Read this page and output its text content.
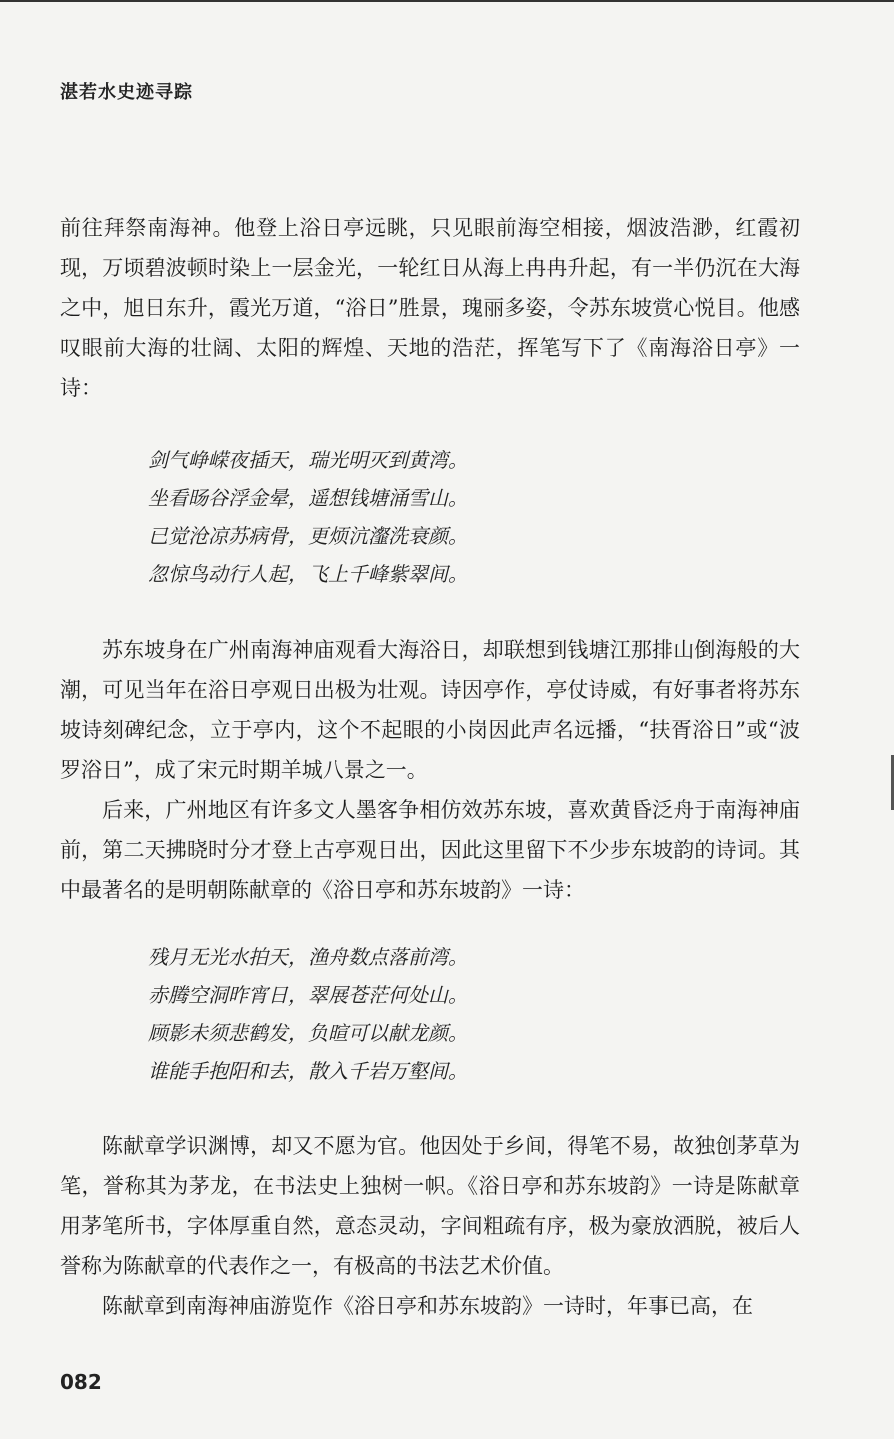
湛若水史迹寻踪

前往拜祭南海神。他登上浴日亭远眺，只见眼前海空相接，烟波浩渺，红霞初现，万顷碧波顿时染上一层金光，一轮红日从海上冉冉升起，有一半仍沉在大海之中，旭日东升，霞光万道，“浴日”胜景，瑰丽多姿，令苏东坡赏心悦目。他感叹眼前大海的壮阔、太阳的辉煌、天地的浩茫，挥笔写下了《南海浴日亭》一诗：

剑气峥嵘夜插天，瑞光明灭到黄湾。
坐看旸谷浮金晕，遥想钱塘涌雪山。
已觉沧凉苏病骨，更烦沆瀣洗衰颜。
忽惊鸟动行人起，飞上千峰紫翠间。

苏东坡身在广州南海神庙观看大海浴日，却联想到钱塘江那排山倒海般的大潮，可见当年在浴日亭观日出极为壮观。诗因亭作，亭仗诗威，有好事者将苏东坡诗刻碑纪念，立于亭内，这个不起眼的小岗因此声名远播，“扶胥浴日”或“波罗浴日”，成了宋元时期羊城八景之一。

后来，广州地区有许多文人墨客争相仿效苏东坡，喜欢黄昏泛舟于南海神庙前，第二天拂晓时分才登上古亭观日出，因此这里留下不少步东坡韵的诗词。其中最著名的是明朝陈献章的《浴日亭和苏东坡韵》一诗：

残月无光水拍天，渔舟数点落前湾。
赤腾空洞昨宵日，翠展苍茫何处山。
顾影未须悲鹤发，负暄可以献龙颜。
谁能手抱阳和去，散入千岩万壑间。

陈献章学识渊博，却又不愿为官。他因处于乡间，得笔不易，故独创茅草为笔，誉称其为茅龙，在书法史上独树一帜。《浴日亭和苏东坡韵》一诗是陈献章用茅笔所书，字体厚重自然，意态灵动，字间粗疏有序，极为豪放洒脱，被后人誉称为陈献章的代表作之一，有极高的书法艺术价值。

陈献章到南海神庙游览作《浴日亭和苏东坡韵》一诗时，年事已高，在

082
